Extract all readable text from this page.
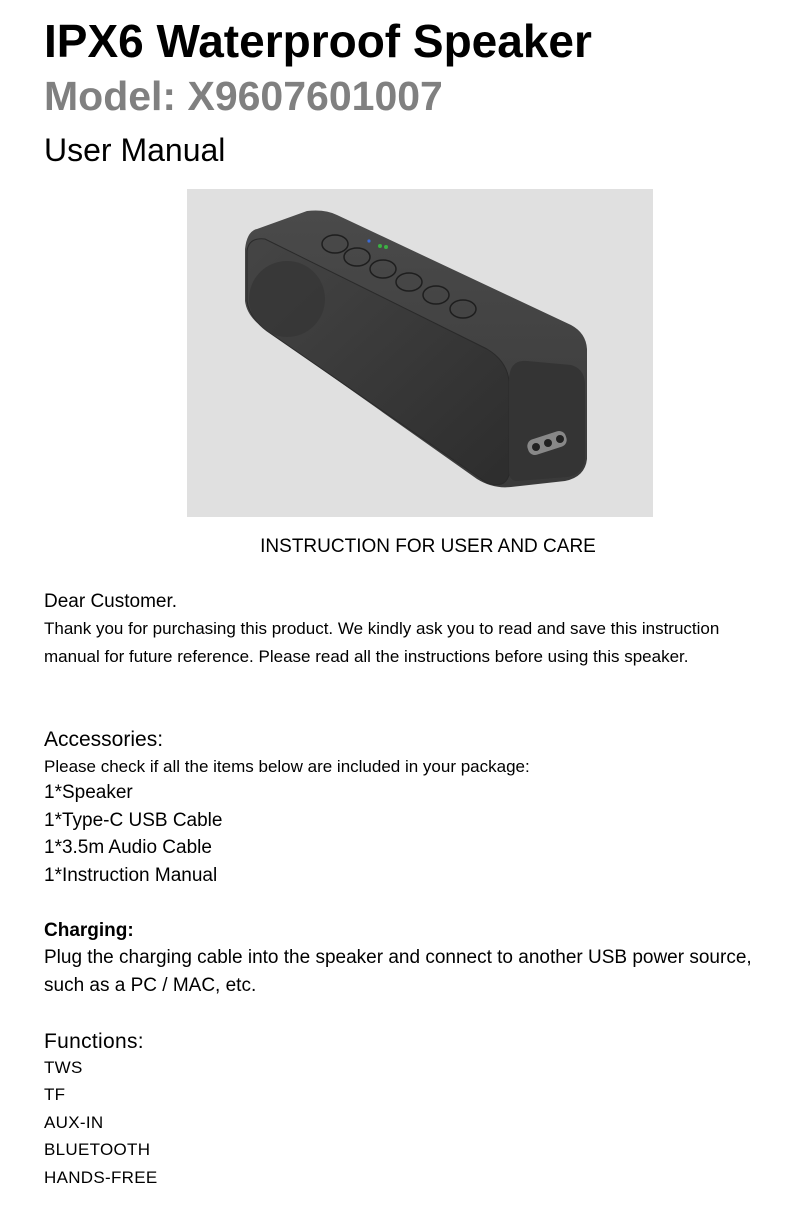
IPX6 Waterproof Speaker
Model: X9607601007
User Manual
INSTRUCTION FOR USER AND CARE
Dear Customer.
Thank you for purchasing this product. We kindly ask you to read and save this instruction
manual for future reference. Please read all the instructions before using this speaker.
Accessories:
Please check if all the items below are included in your package:
1*Speaker
1*Type-C USB Cable
1*3.5m Audio Cable
1*Instruction Manual
Charging:
Plug the charging cable into the speaker and connect to another USB power source,
such as a PC / MAC, etc.
Functions:
TWS
TF
AUX-IN
BLUETOOTH
HANDS-FREE
